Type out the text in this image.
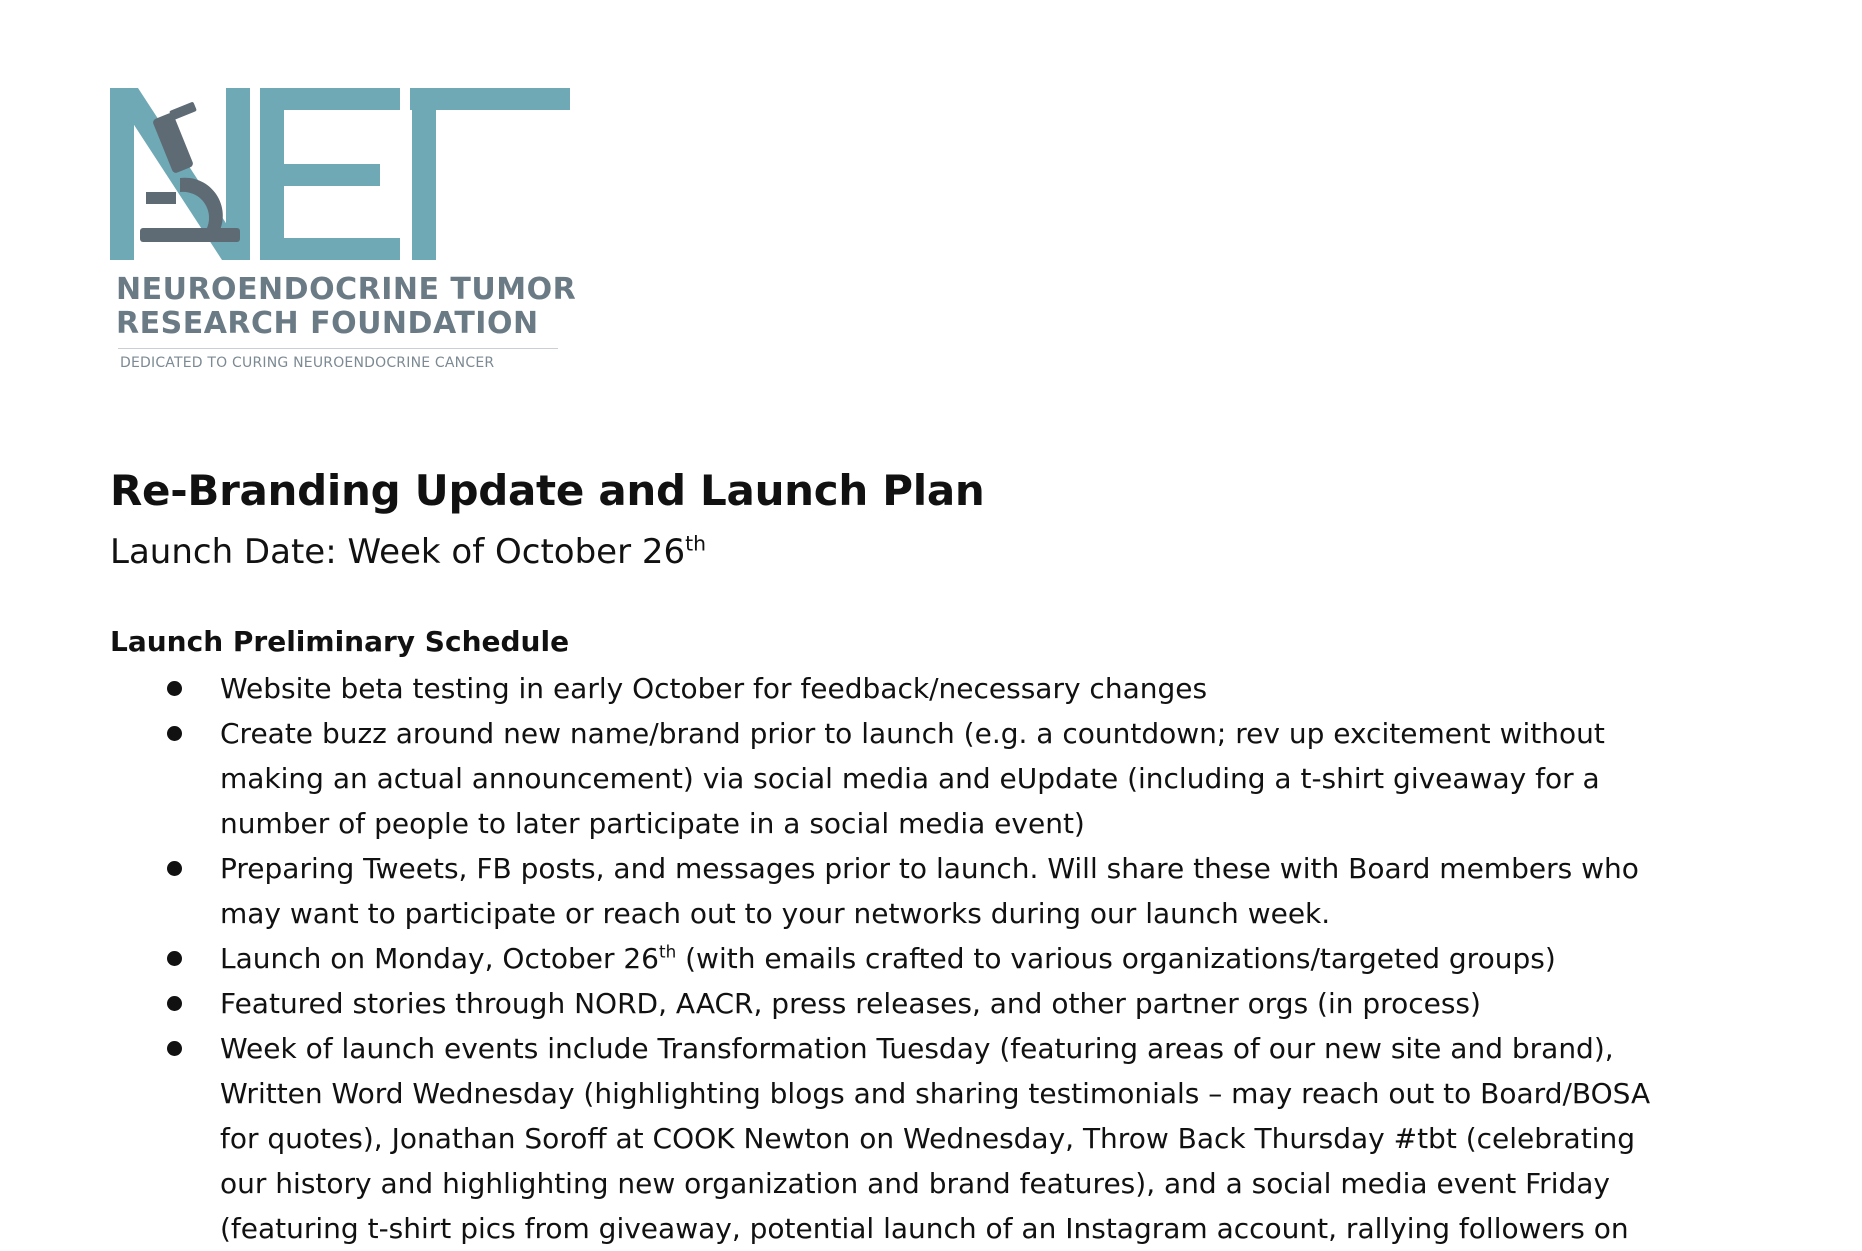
NEUROENDOCRINE TUMOR
RESEARCH FOUNDATION
DEDICATED TO CURING NEUROENDOCRINE CANCER
Re-Branding Update and Launch Plan
Launch Date: Week of October 26th
Launch Preliminary Schedule
Website beta testing in early October for feedback/necessary changes
Create buzz around new name/brand prior to launch (e.g. a countdown; rev up excitement without
making an actual announcement) via social media and eUpdate (including a t-shirt giveaway for a
number of people to later participate in a social media event)
Preparing Tweets, FB posts, and messages prior to launch. Will share these with Board members who
may want to participate or reach out to your networks during our launch week.
Launch on Monday, October 26th (with emails crafted to various organizations/targeted groups)
Featured stories through NORD, AACR, press releases, and other partner orgs (in process)
Week of launch events include Transformation Tuesday (featuring areas of our new site and brand),
Written Word Wednesday (highlighting blogs and sharing testimonials – may reach out to Board/BOSA
for quotes), Jonathan Soroff at COOK Newton on Wednesday, Throw Back Thursday #tbt (celebrating
our history and highlighting new organization and brand features), and a social media event Friday
(featuring t-shirt pics from giveaway, potential launch of an Instagram account, rallying followers on
